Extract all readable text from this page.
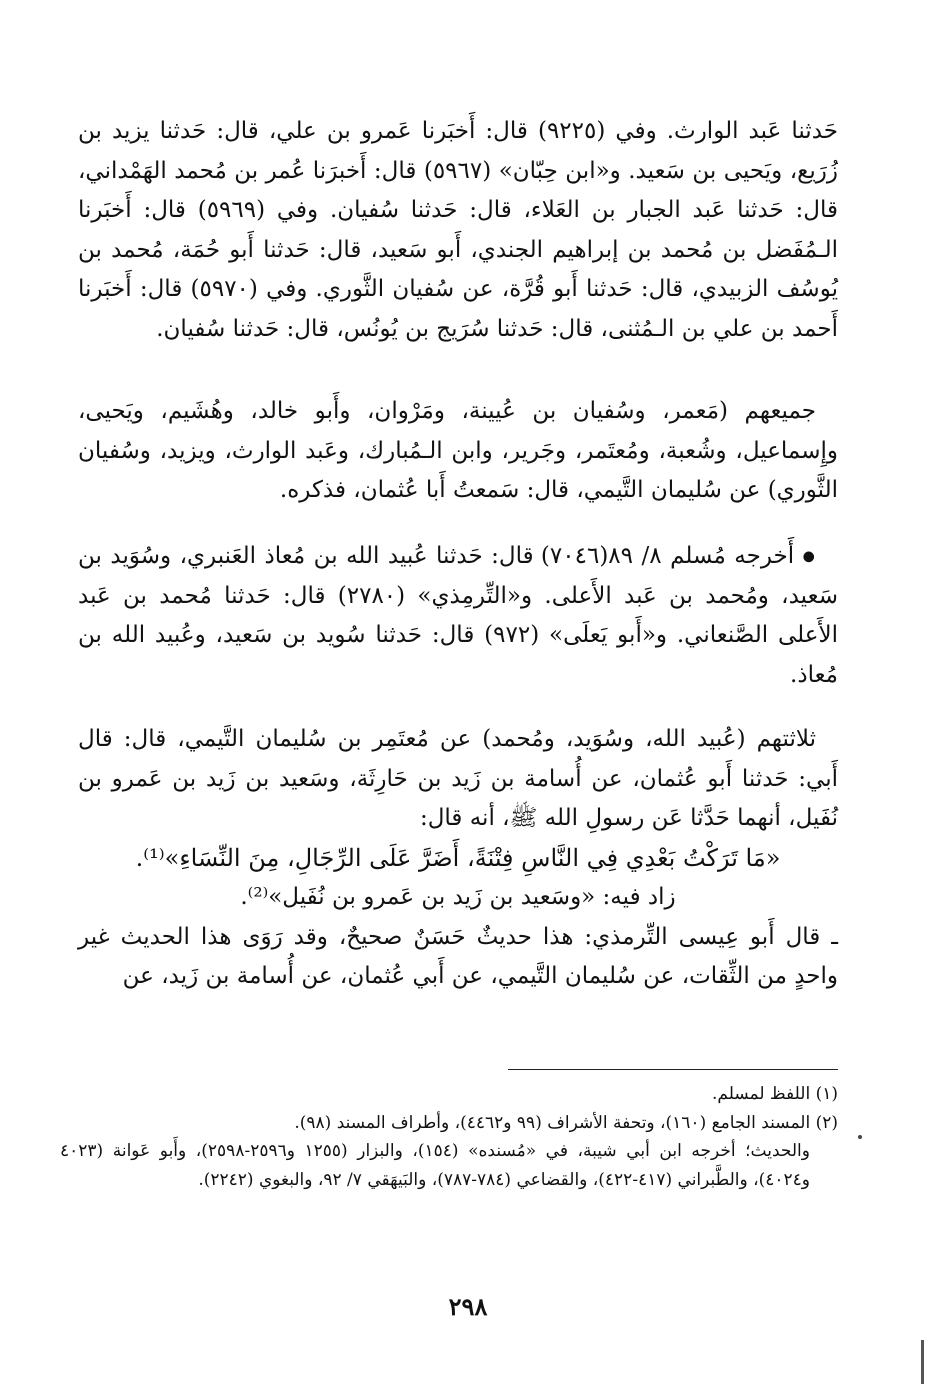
حَدثنا عَبد الوارث. وفي (٩٢٢٥) قال: أَخبَرنا عَمرو بن علي، قال: حَدثنا يزيد بن زُرَيع، ويَحيى بن سَعيد. و«ابن حِبّان» (٥٩٦٧) قال: أَخبرَنا عُمر بن مُحمد الهَمْداني، قال: حَدثنا عَبد الجبار بن العَلاء، قال: حَدثنا سُفيان. وفي (٥٩٦٩) قال: أَخبَرنا الـمُفَضل بن مُحمد بن إبراهيم الجندي، أَبو سَعيد، قال: حَدثنا أَبو حُمَة، مُحمد بن يُوسُف الزبيدي، قال: حَدثنا أَبو قُرَّة، عن سُفيان الثَّوري. وفي (٥٩٧٠) قال: أَخبَرنا أَحمد بن علي بن الـمُثنى، قال: حَدثنا سُرَيج بن يُونُس، قال: حَدثنا سُفيان.

جميعهم (مَعمر، وسُفيان بن عُيينة، ومَرْوان، وأَبو خالد، وهُشَيم، ويَحيى، وإِسماعيل، وشُعبة، ومُعتَمر، وجَرير، وابن الـمُبارك، وعَبد الوارث، ويزيد، وسُفيان الثَّوري) عن سُليمان التَّيمي، قال: سَمعتُ أَبا عُثمان، فذكره.

● أَخرجه مُسلم ٨/ ٨٩(٧٠٤٦) قال: حَدثنا عُبيد الله بن مُعاذ العَنبري، وسُوَيد بن سَعيد، ومُحمد بن عَبد الأَعلى. و«التِّرمِذي» (٢٧٨٠) قال: حَدثنا مُحمد بن عَبد الأَعلى الصَّنعاني. و«أَبو يَعلَى» (٩٧٢) قال: حَدثنا سُويد بن سَعيد، وعُبيد الله بن مُعاذ.

ثلاثتهم (عُبيد الله، وسُوَيد، ومُحمد) عن مُعتَمِر بن سُليمان التَّيمي، قال: قال أَبي: حَدثنا أَبو عُثمان، عن أُسامة بن زَيد بن حَارِثَة، وسَعيد بن زَيد بن عَمرو بن نُفَيل، أنهما حَدَّثا عَن رسولِ الله ﷺ، أنه قال:

«مَا تَرَكْتُ بَعْدِي فِي النَّاسِ فِتْنَةً، أَضَرَّ عَلَى الرِّجَالِ، مِنَ النِّسَاءِ»⁽¹⁾.

زاد فيه: «وسَعيد بن زَيد بن عَمرو بن نُفَيل»⁽²⁾.

ـ قال أَبو عِيسى التِّرمذي: هذا حديثٌ حَسَنٌ صحيحٌ، وقد رَوَى هذا الحديث غير واحدٍ من الثِّقات، عن سُليمان التَّيمي، عن أَبي عُثمان، عن أُسامة بن زَيد، عن

(١) اللفظ لمسلم.

(٢) المسند الجامع (١٦٠)، وتحفة الأشراف (٩٩ و٤٤٦٢)، وأطراف المسند (٩٨).

والحديث؛ أخرجه ابن أبي شيبة، في «مُسنده» (١٥٤)، والبزار (١٢٥٥ و٢٥٩٦-٢٥٩٨)، وأَبو عَوانة (٤٠٢٣ و٤٠٢٤)، والطَّبراني (٤١٧-٤٢٢)، والقضاعي (٧٨٤-٧٨٧)، والبَيهَقي ٧/ ٩٢، والبغوي (٢٢٤٢).

٢٩٨
